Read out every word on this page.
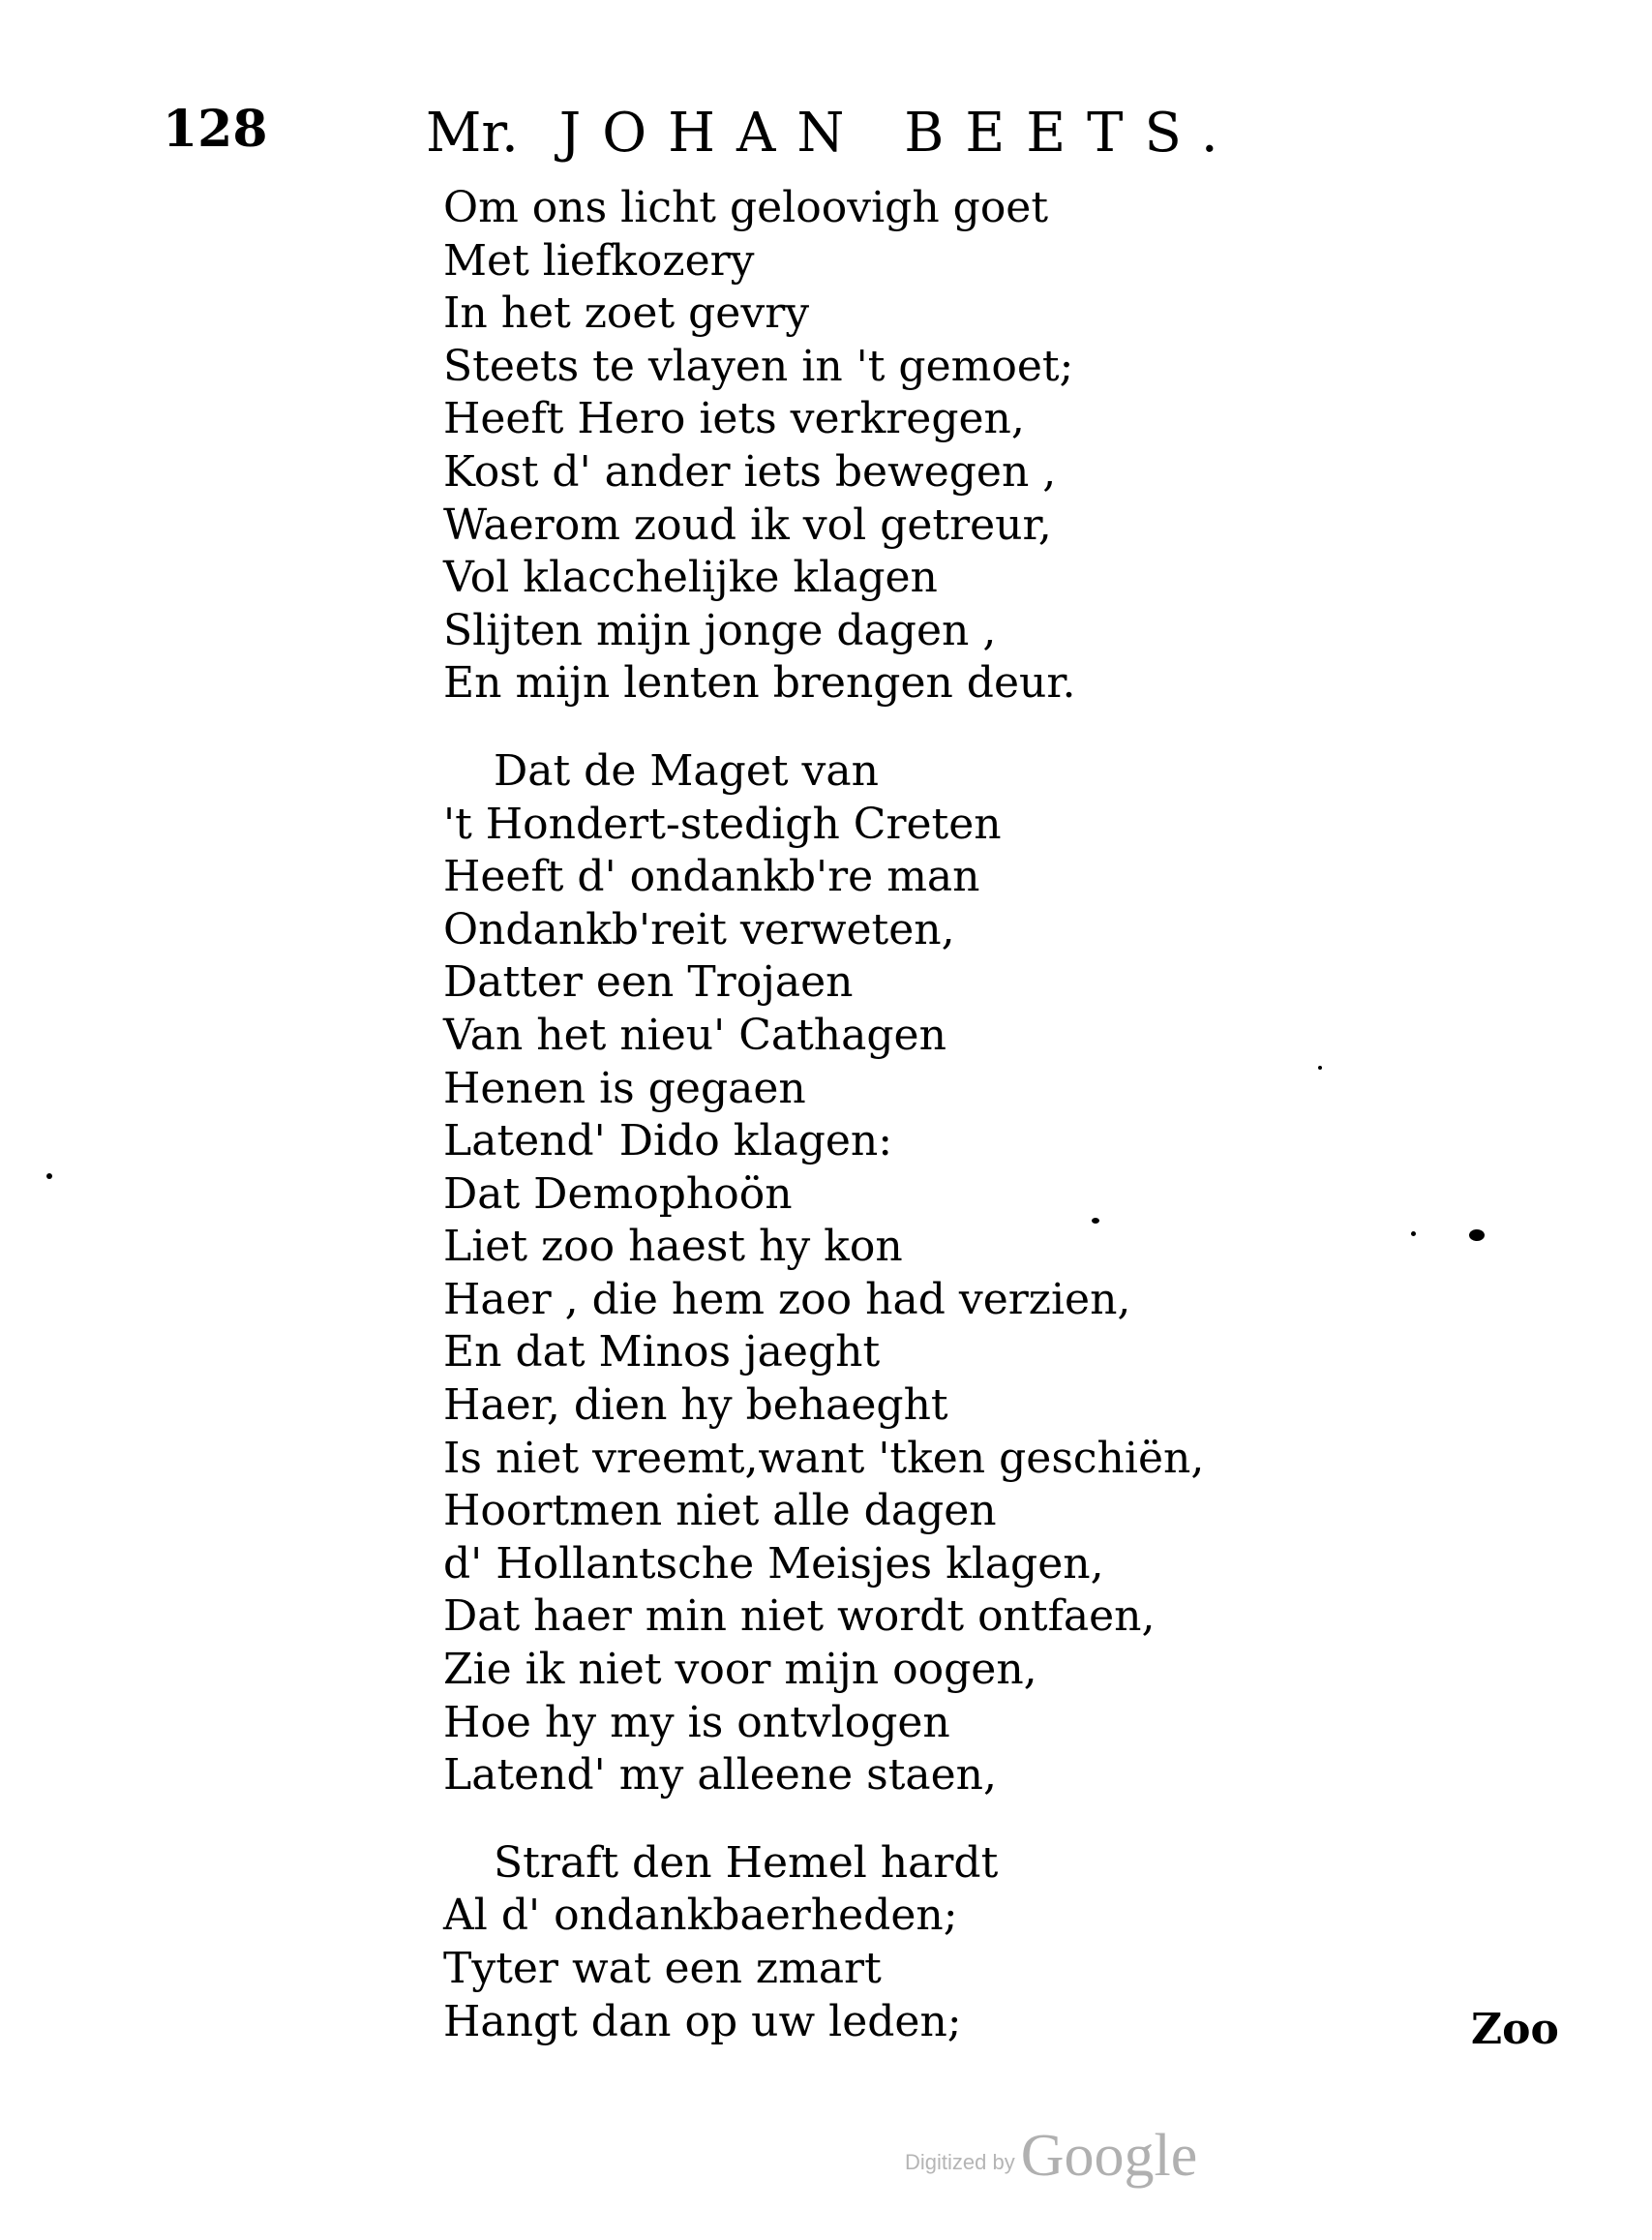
128	Mr. JOHAN BEETS.
Om ons licht geloovigh goet
Met liefkozery
In het zoet gevry
Steets te vlayen in 't gemoet;
Heeft Hero iets verkregen,
Kost d' ander iets bewegen ,
Waerom zoud ik vol getreur,
Vol klacchelijke klagen
Slijten mijn jonge dagen ,
En mijn lenten brengen deur.
Dat de Maget van
't Hondert-stedigh Creten
Heeft d' ondankb're man
Ondankb'reit verweten,
Datter een Trojaen
Van het nieu' Cathagen
Henen is gegaen
Latend' Dido klagen:
Dat Demophoön
Liet zoo haest hy kon
Haer , die hem zoo had verzien,
En dat Minos jaeght
Haer, dien hy behaeght
Is niet vreemt,want 'tken geschiën,
Hoortmen niet alle dagen
d' Hollantsche Meisjes klagen,
Dat haer min niet wordt ontfaen,
Zie ik niet voor mijn oogen,
Hoe hy my is ontvlogen
Latend' my alleene staen,
Straft den Hemel hardt
Al d' ondankbaerheden;
Tyter wat een zmart
Hangt dan op uw leden;	Zoo
Digitized byGoogle
